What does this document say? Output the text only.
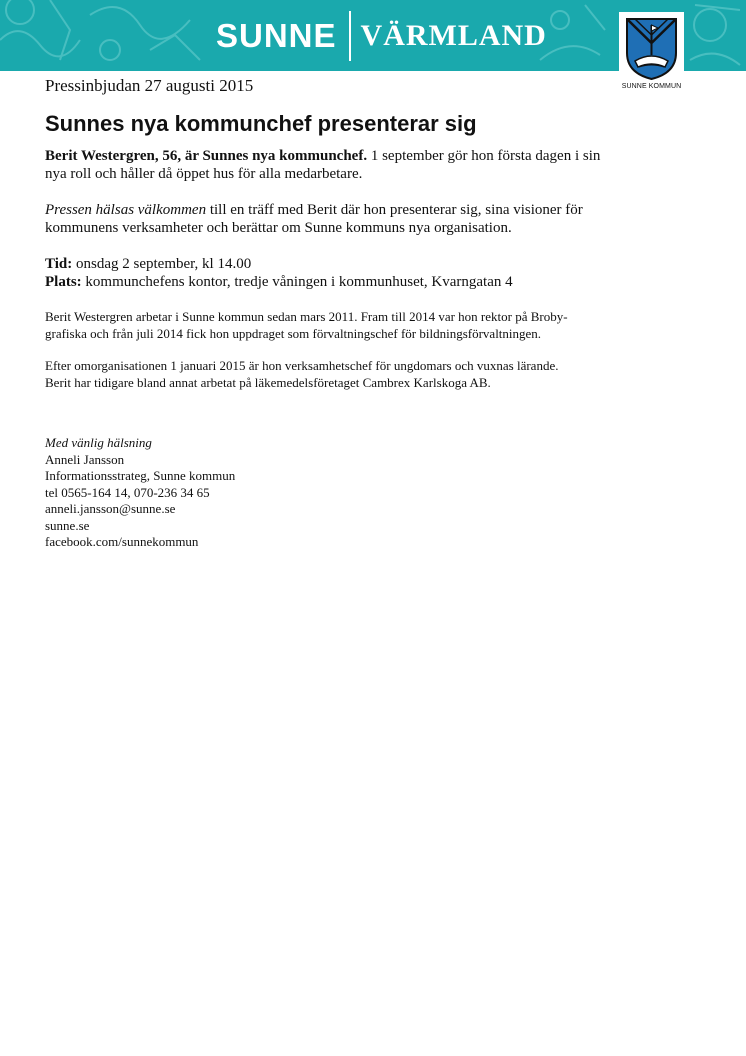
SUNNE VÄRMLAND
SUNNE KOMMUN

Pressinbjudan 27 augusti 2015

Sunnes nya kommunchef presenterar sig

Berit Westergren, 56, är Sunnes nya kommunchef. 1 september gör hon första dagen i sin nya roll och håller då öppet hus för alla medarbetare.

Pressen hälsas välkommen till en träff med Berit där hon presenterar sig, sina visioner för kommunens verksamheter och berättar om Sunne kommuns nya organisation.

Tid: onsdag 2 september, kl 14.00

Plats: kommunchefens kontor, tredje våningen i kommunhuset, Kvarngatan 4

Berit Westergren arbetar i Sunne kommun sedan mars 2011. Fram till 2014 var hon rektor på Broby-

grafiska och från juli 2014 fick hon uppdraget som förvaltningschef för bildningsförvaltningen.

Efter omorganisationen 1 januari 2015 är hon verksamhetschef för ungdomars och vuxnas lärande.

Berit har tidigare bland annat arbetat på läkemedelsföretaget Cambrex Karlskoga AB.

Med vänlig hälsning

Anneli Jansson

Informationsstrateg, Sunne kommun

tel 0565-164 14, 070-236 34 65

anneli.jansson@sunne.se

sunne.se

facebook.com/sunnekommun
